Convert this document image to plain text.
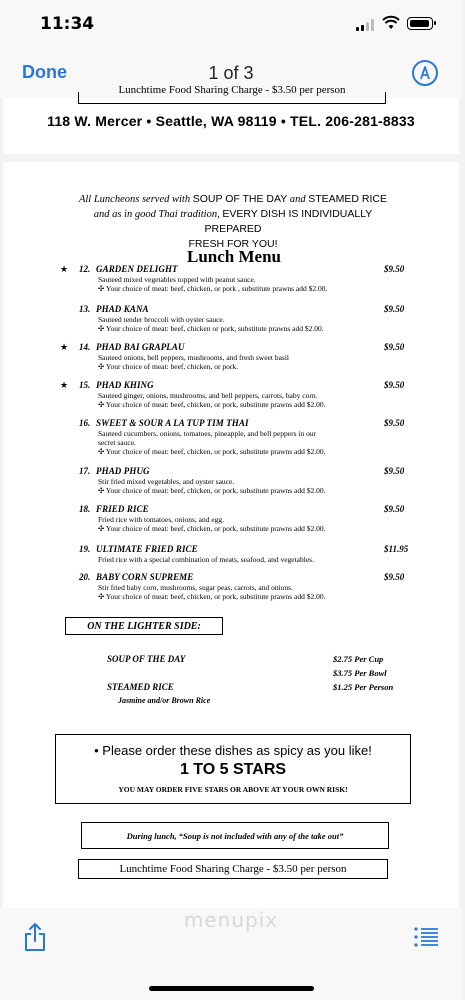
11:34
Done	1 of 3
Lunchtime Food Sharing Charge - $3.50 per person
118 W. Mercer • Seattle, WA 98119 • TEL. 206-281-8833
All Luncheons served with SOUP OF THE DAY and STEAMED RICE
and as in good Thai tradition, EVERY DISH IS INDIVIDUALLY PREPARED
FRESH FOR YOU!
Lunch Menu
★ 12. GARDEN DELIGHT	$9.50
Sauteed mixed vegetables topped with peanut sauce.
✣ Your choice of meat: beef, chicken, or pork , substitute prawns add $2.00.
13. PHAD KANA	$9.50
Sauteed tender broccoli with oyster sauce.
✣ Your choice of meat: beef, chicken or pork, substitute prawns add $2.00.
★ 14. PHAD BAI GRAPLAU	$9.50
Sauteed onions, bell peppers, mushrooms, and fresh sweet basil
✣ Your choice of meat: beef, chicken, or pork.
★ 15. PHAD KHING	$9.50
Sauteed ginger, onions, mushrooms, and bell peppers, carrots, baby corn.
✣ Your choice of meat: beef, chicken, or pork, substitute prawns add $2.00.
16. SWEET & SOUR A LA TUP TIM THAI	$9.50
Sauteed cucumbers, onions, tomatoes, pineapple, and bell peppers in our
secret sauce.
✣ Your choice of meat: beef, chicken, or pork, substitute prawns add $2.00.
17. PHAD PHUG	$9.50
Stir fried mixed vegetables, and oyster sauce.
✣ Your choice of meat: beef, chicken, or pork, substitute prawns add $2.00.
18. FRIED RICE	$9.50
Fried rice with tomatoes, onions, and egg.
✣ Your choice of meat: beef, chicken, or pork, substitute prawns add $2.00.
19. ULTIMATE FRIED RICE	$11.95
Fried rice with a special combination of meats, seafood, and vegetables.
20. BABY CORN SUPREME	$9.50
Stir fried baby corn, mushrooms, sugar peas, carrots, and onions.
✣ Your choice of meat: beef, chicken, or pork, substitute prawns add $2.00.
ON THE LIGHTER SIDE:
SOUP OF THE DAY	$2.75 Per Cup
$3.75 Per Bowl
STEAMED RICE	$1.25 Per Person
Jasmine and/or Brown Rice
• Please order these dishes as spicy as you like!
1 TO 5 STARS
YOU MAY ORDER FIVE STARS OR ABOVE AT YOUR OWN RISK!
During lunch, “Soup is not included with any of the take out”
Lunchtime Food Sharing Charge - $3.50 per person
menupix
